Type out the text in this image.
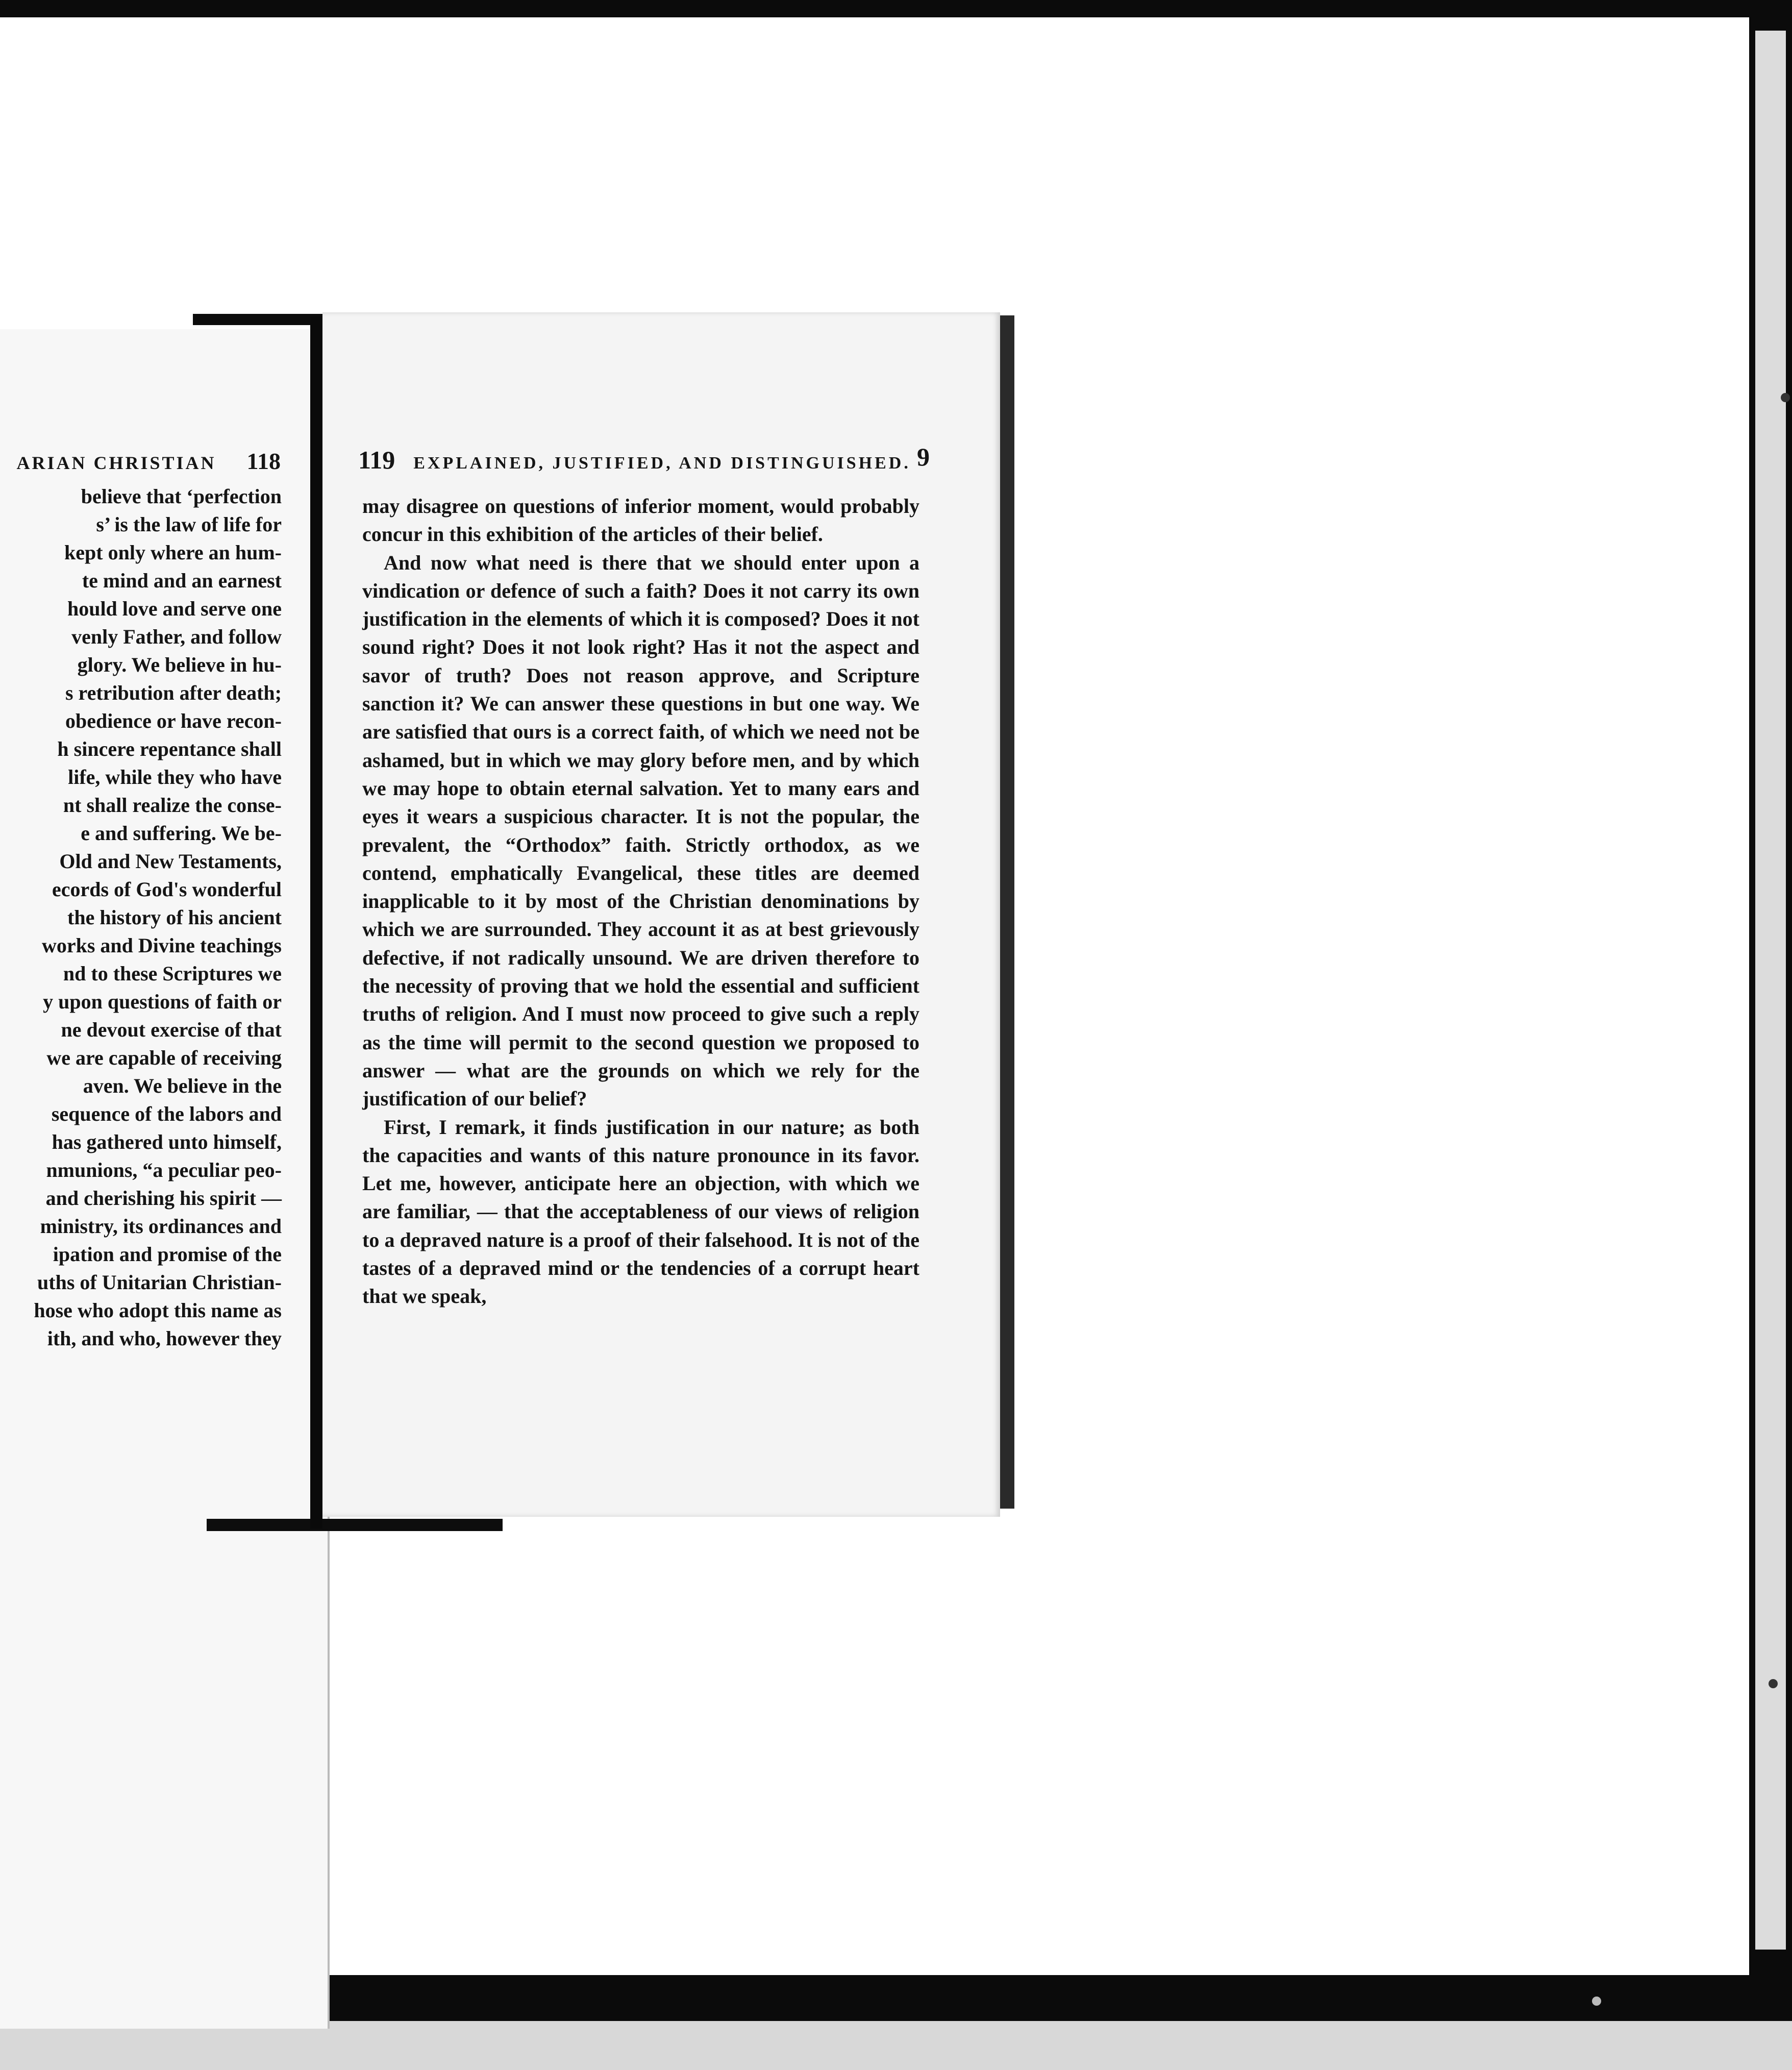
ARIAN CHRISTIAN 118
believe that ‘perfection
s’ is the law of life for
kept only where an hum-
te mind and an earnest
hould love and serve one
venly Father, and follow
glory. We believe in hu-
s retribution after death;
obedience or have recon-
h sincere repentance shall
life, while they who have
nt shall realize the conse-
e and suffering. We be-
Old and New Testaments,
ecords of God's wonderful
the history of his ancient
works and Divine teachings
nd to these Scriptures we
y upon questions of faith or
ne devout exercise of that
we are capable of receiving
aven. We believe in the
sequence of the labors and
has gathered unto himself,
nmunions, “a peculiar peo-
and cherishing his spirit —
ministry, its ordinances and
ipation and promise of the
uths of Unitarian Christian-
hose who adopt this name as
ith, and who, however they
119 EXPLAINED, JUSTIFIED, AND DISTINGUISHED. 9

may disagree on questions of inferior moment, would probably concur in this exhibition of the articles of their belief.

And now what need is there that we should enter upon a vindication or defence of such a faith? Does it not carry its own justification in the elements of which it is composed? Does it not sound right? Does it not look right? Has it not the aspect and savor of truth? Does not reason approve, and Scripture sanction it? We can answer these questions in but one way. We are satisfied that ours is a correct faith, of which we need not be ashamed, but in which we may glory before men, and by which we may hope to obtain eternal salvation. Yet to many ears and eyes it wears a suspicious character. It is not the popular, the prevalent, the “Orthodox” faith. Strictly orthodox, as we contend, emphatically Evangelical, these titles are deemed inapplicable to it by most of the Christian denominations by which we are surrounded. They account it as at best grievously defective, if not radically unsound. We are driven therefore to the necessity of proving that we hold the essential and sufficient truths of religion. And I must now proceed to give such a reply as the time will permit to the second question we proposed to answer — what are the grounds on which we rely for the justification of our belief?

First, I remark, it finds justification in our nature; as both the capacities and wants of this nature pronounce in its favor. Let me, however, anticipate here an objection, with which we are familiar, — that the acceptableness of our views of religion to a depraved nature is a proof of their falsehood. It is not of the tastes of a depraved mind or the tendencies of a corrupt heart that we speak,
